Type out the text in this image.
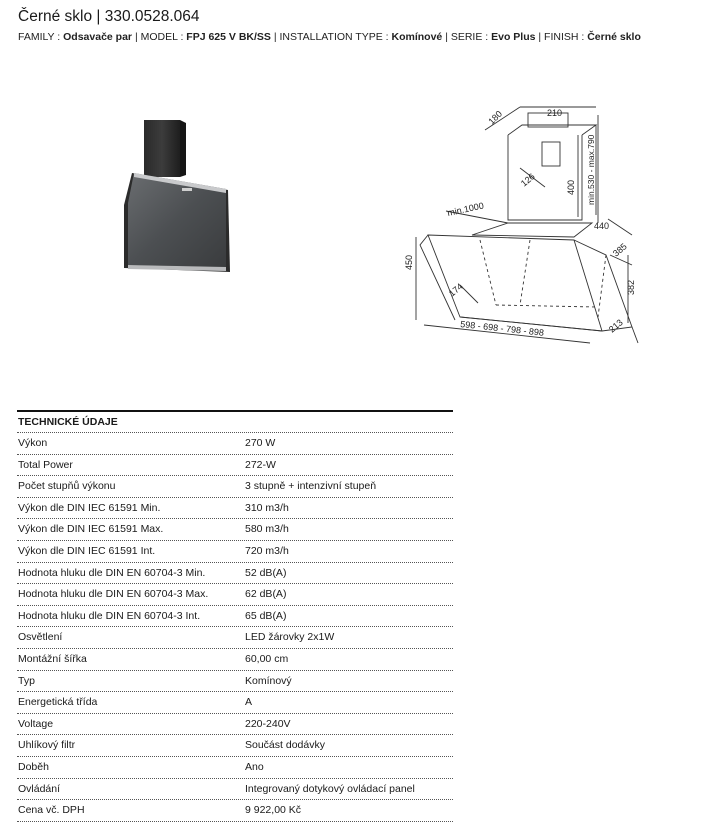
Černé sklo | 330.0528.064
FAMILY : Odsavače par | MODEL : FPJ 625 V BK/SS | INSTALLATION TYPE : Komínové | SERIE : Evo Plus | FINISH : Černé sklo
210
180
126	400 min.530 - max.790
min.1000
440
450
385
382
174
213
598 - 698 - 798 - 898
TECHNICKÉ ÚDAJE
Výkon	270 W
Total Power	272-W
Počet stupňů výkonu	3 stupně + intenzivní stupeň
Výkon dle DIN IEC 61591 Min.	310 m3/h
Výkon dle DIN IEC 61591 Max.	580 m3/h
Výkon dle DIN IEC 61591 Int.	720 m3/h
Hodnota hluku dle DIN EN 60704-3 Min.	52 dB(A)
Hodnota hluku dle DIN EN 60704-3 Max.	62 dB(A)
Hodnota hluku dle DIN EN 60704-3 Int.	65 dB(A)
Osvětlení	LED žárovky 2x1W
Montážní šířka	60,00 cm
Typ	Komínový
Energetická třída	A
Voltage	220-240V
Uhlíkový filtr	Součást dodávky
Doběh	Ano
Ovládání	Integrovaný dotykový ovládací panel
Cena vč. DPH	9 922,00 Kč
